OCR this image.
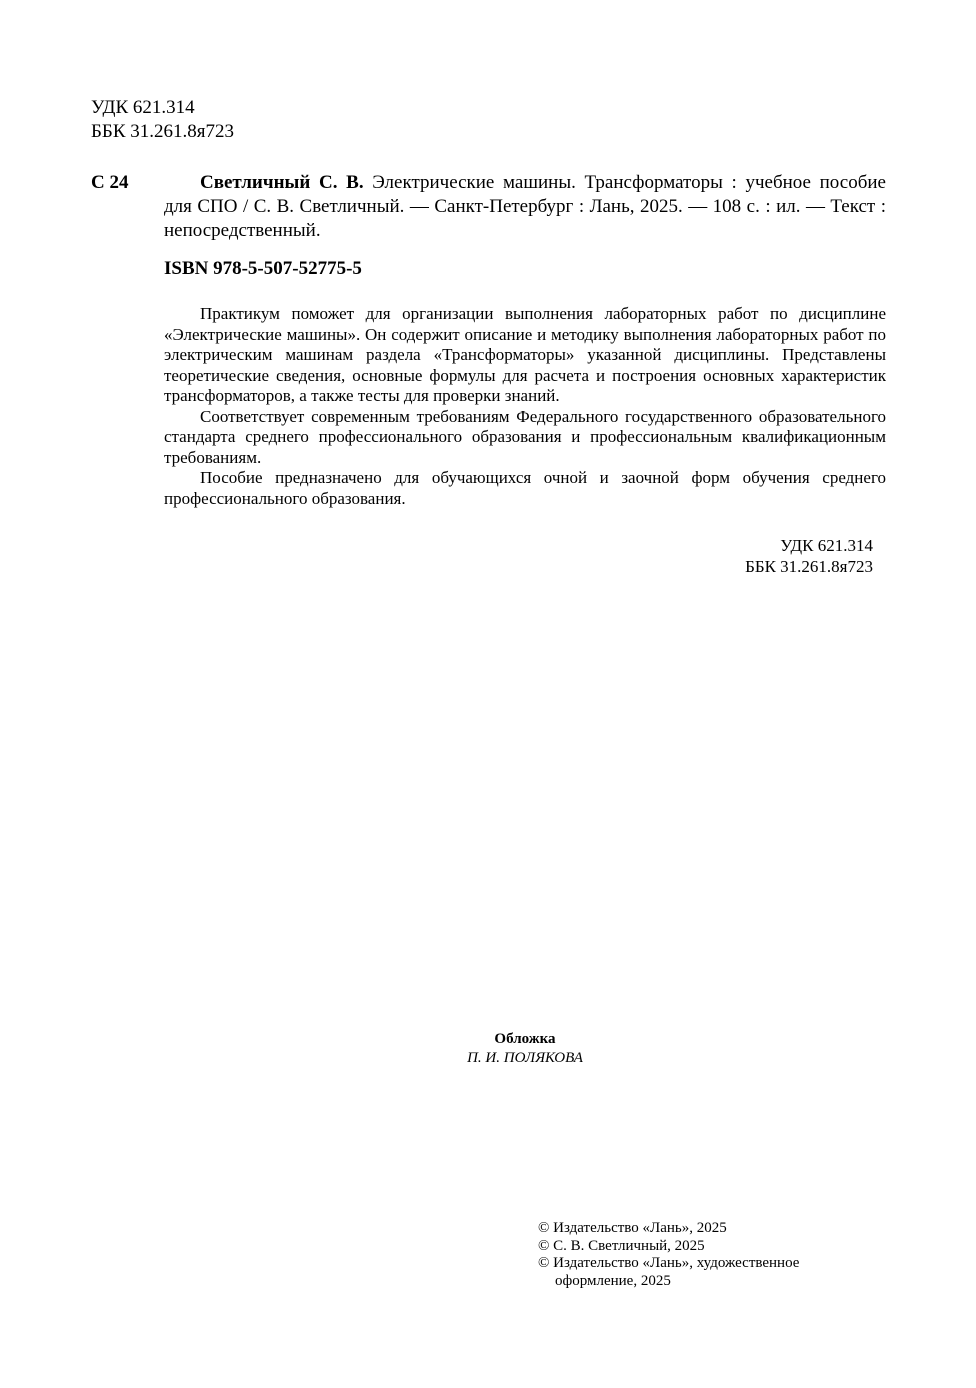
УДК 621.314
ББК 31.261.8я723
С 24	Светличный С. В. Электрические машины. Трансформаторы : учебное пособие для СПО / С. В. Светличный. — Санкт-Петербург : Лань, 2025. — 108 с. : ил. — Текст : непосредственный.
ISBN 978-5-507-52775-5

Практикум поможет для организации выполнения лабораторных работ по дисциплине «Электрические машины». Он содержит описание и методику выполнения лабораторных работ по электрическим машинам раздела «Трансформаторы» указанной дисциплины. Представлены теоретические сведения, основные формулы для расчета и построения основных характеристик трансформаторов, а также тесты для проверки знаний.

Соответствует современным требованиям Федерального государственного образовательного стандарта среднего профессионального образования и профессиональным квалификационным требованиям.

Пособие предназначено для обучающихся очной и заочной форм обучения среднего профессионального образования.

УДК 621.314
ББК 31.261.8я723
Обложка
П. И. ПОЛЯКОВА
© Издательство «Лань», 2025
© С. В. Светличный, 2025
© Издательство «Лань», художественное
оформление, 2025
